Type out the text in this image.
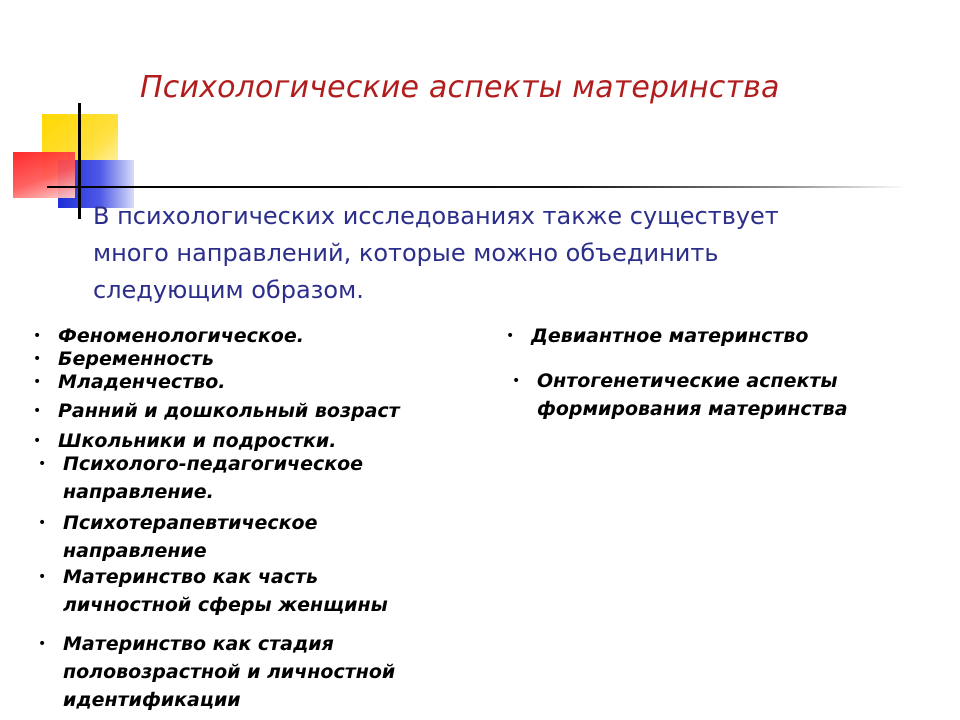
Психологические аспекты материнства
В психологических исследованиях также существует
много направлений, которые можно объединить
следующим образом.
• Феноменологическое.
• Беременность
• Младенчество.
• Ранний и дошкольный возраст
• Школьники и подростки.
• Психолого-педагогическое
направление.
• Психотерапевтическое
направление
• Материнство как часть
личностной сферы женщины
• Материнство как стадия
половозрастной и личностной
идентификации
• Девиантное материнство
• Онтогенетические аспекты
формирования материнства
